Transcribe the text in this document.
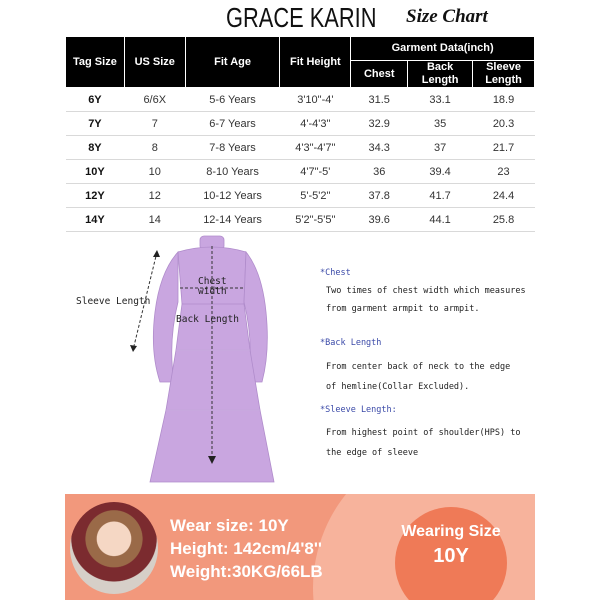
GRACE KARIN Size Chart
Tag Size	US Size	Fit Age	Fit Height	Garment Data(inch)		
				Chest	Back Length	Sleeve Length
6Y	6/6X	5-6 Years	3'10"-4'	31.5	33.1	18.9
7Y	7	6-7 Years	4'-4'3"	32.9	35	20.3
8Y	8	7-8 Years	4'3"-4'7"	34.3	37	21.7
10Y	10	8-10 Years	4'7"-5'	36	39.4	23
12Y	12	10-12 Years	5'-5'2"	37.8	41.7	24.4
14Y	14	12-14 Years	5'2"-5'5"	39.6	44.1	25.8
Sleeve Length
Chest
width
Back Length
*Chest
Two times of chest width which measures
from garment armpit to armpit.
*Back Length
From center back of neck to the edge
of hemline(Collar Excluded).
*Sleeve Length:
From highest point of shoulder(HPS) to
the edge of sleeve
Wear size: 10Y
Height: 142cm/4'8''
Weight:30KG/66LB
Wearing Size
10Y
